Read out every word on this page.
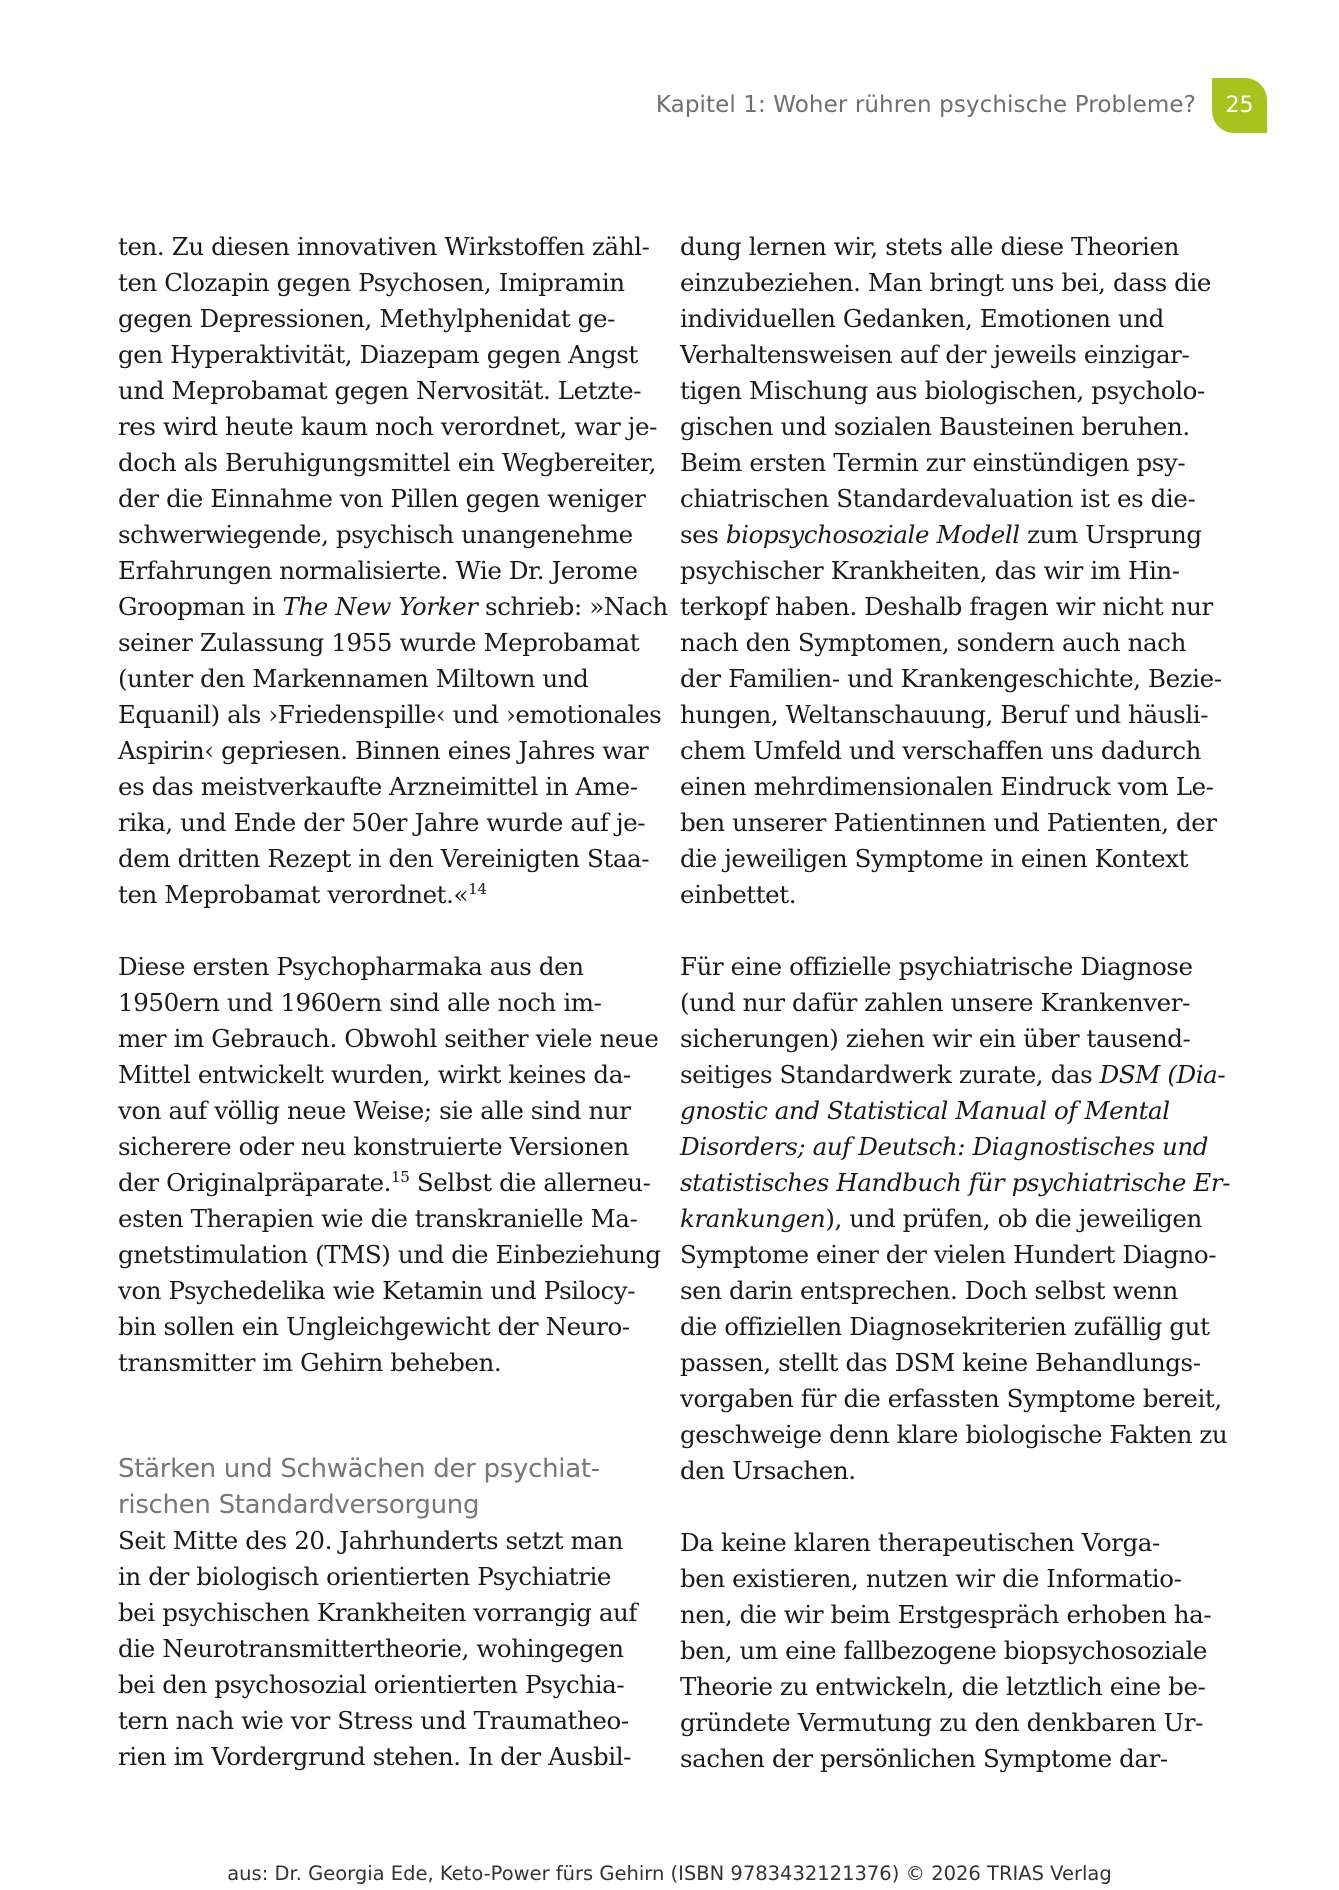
Kapitel 1: Woher rühren psychische Probleme? 25

ten. Zu diesen innovativen Wirkstoffen zähl-
ten Clozapin gegen Psychosen, Imipramin
gegen Depressionen, Methylphenidat ge-
gen Hyperaktivität, Diazepam gegen Angst
und Meprobamat gegen Nervosität. Letzte-
res wird heute kaum noch verordnet, war je-
doch als Beruhigungsmittel ein Wegbereiter,
der die Einnahme von Pillen gegen weniger
schwerwiegende, psychisch unangenehme
Erfahrungen normalisierte. Wie Dr. Jerome
Groopman in The New Yorker schrieb: »Nach
seiner Zulassung 1955 wurde Meprobamat
(unter den Markennamen Miltown und
Equanil) als ›Friedenspille‹ und ›emotionales
Aspirin‹ gepriesen. Binnen eines Jahres war
es das meistverkaufte Arzneimittel in Ame-
rika, und Ende der 50er Jahre wurde auf je-
dem dritten Rezept in den Vereinigten Staa-
ten Meprobamat verordnet.«$^{14}$

Diese ersten Psychopharmaka aus den
1950ern und 1960ern sind alle noch im-
mer im Gebrauch. Obwohl seither viele neue
Mittel entwickelt wurden, wirkt keines da-
von auf völlig neue Weise; sie alle sind nur
sicherere oder neu konstruierte Versionen
der Originalpräparate.$^{15}$ Selbst die allerneu-
esten Therapien wie die transkranielle Ma-
gnetstimulation (TMS) und die Einbeziehung
von Psychedelika wie Ketamin und Psilocy-
bin sollen ein Ungleichgewicht der Neuro-
transmitter im Gehirn beheben.

Stärken und Schwächen der psychiat-
rischen Standardversorgung

Seit Mitte des 20. Jahrhunderts setzt man
in der biologisch orientierten Psychiatrie
bei psychischen Krankheiten vorrangig auf
die Neurotransmittertheorie, wohingegen
bei den psychosozial orientierten Psychia-
tern nach wie vor Stress und Traumatheo-
rien im Vordergrund stehen. In der Ausbil-

dung lernen wir, stets alle diese Theorien
einzubeziehen. Man bringt uns bei, dass die
individuellen Gedanken, Emotionen und
Verhaltensweisen auf der jeweils einzigar-
tigen Mischung aus biologischen, psycholo-
gischen und sozialen Bausteinen beruhen.
Beim ersten Termin zur einstündigen psy-
chiatrischen Standardevaluation ist es die-
ses biopsychosoziale Modell zum Ursprung
psychischer Krankheiten, das wir im Hin-
terkopf haben. Deshalb fragen wir nicht nur
nach den Symptomen, sondern auch nach
der Familien- und Krankengeschichte, Bezie-
hungen, Weltanschauung, Beruf und häusli-
chem Umfeld und verschaffen uns dadurch
einen mehrdimensionalen Eindruck vom Le-
ben unserer Patientinnen und Patienten, der
die jeweiligen Symptome in einen Kontext
einbettet.

Für eine offizielle psychiatrische Diagnose
(und nur dafür zahlen unsere Krankenver-
sicherungen) ziehen wir ein über tausend-
seitiges Standardwerk zurate, das DSM (Dia-
gnostic and Statistical Manual of Mental
Disorders; auf Deutsch: Diagnostisches und
statistisches Handbuch für psychiatrische Er-
krankungen), und prüfen, ob die jeweiligen
Symptome einer der vielen Hundert Diagno-
sen darin entsprechen. Doch selbst wenn
die offiziellen Diagnosekriterien zufällig gut
passen, stellt das DSM keine Behandlungs-
vorgaben für die erfassten Symptome bereit,
geschweige denn klare biologische Fakten zu
den Ursachen.

Da keine klaren therapeutischen Vorga-
ben existieren, nutzen wir die Informatio-
nen, die wir beim Erstgespräch erhoben ha-
ben, um eine fallbezogene biopsychosoziale
Theorie zu entwickeln, die letztlich eine be-
gründete Vermutung zu den denkbaren Ur-
sachen der persönlichen Symptome dar-

aus: Dr. Georgia Ede, Keto-Power fürs Gehirn (ISBN 9783432121376) © 2026 TRIAS Verlag
